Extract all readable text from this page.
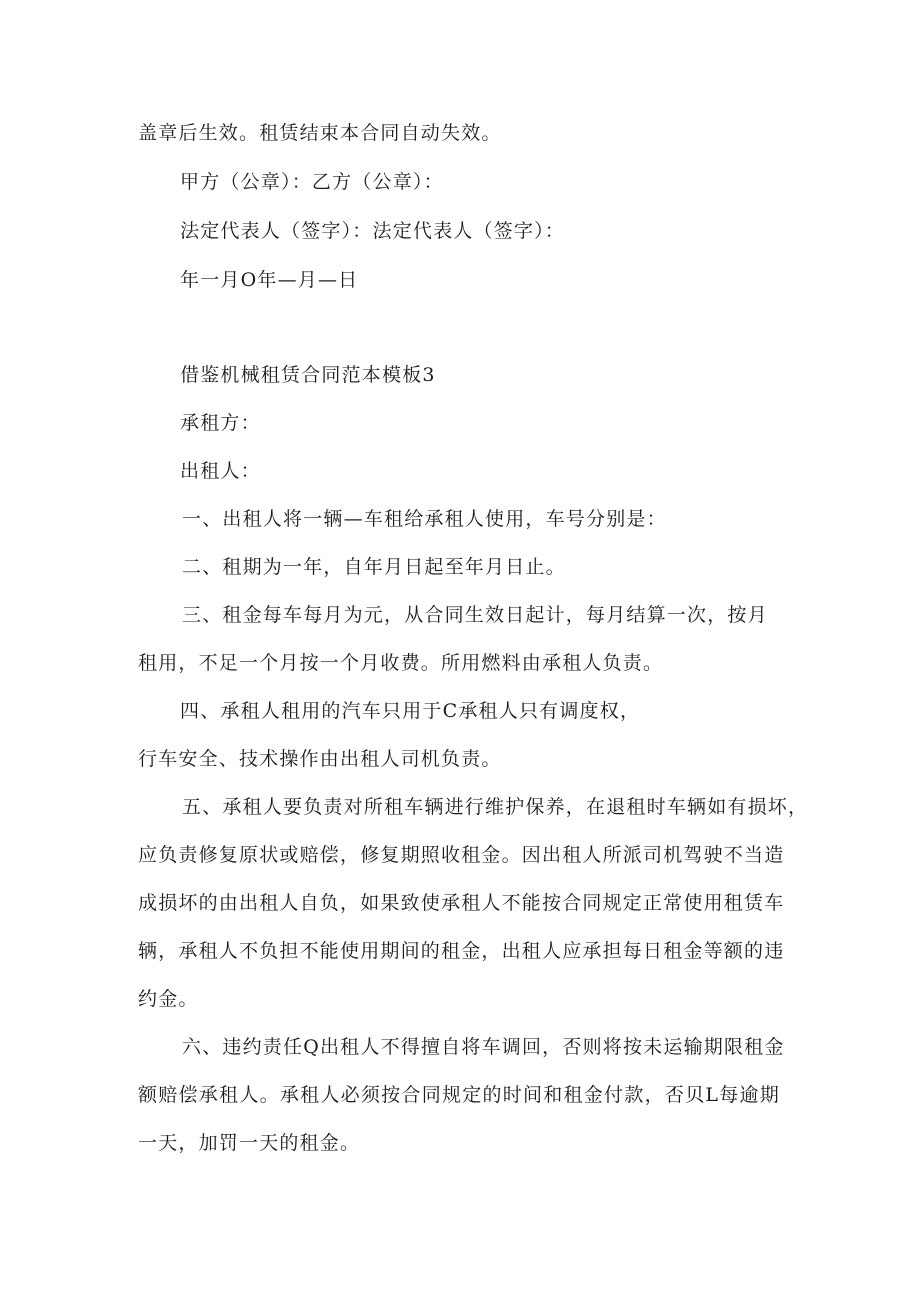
盖章后生效。租赁结束本合同自动失效。
甲方（公章）：乙方（公章）：
法定代表人（签字）：法定代表人（签字）：
年一月O年—月—日
借鉴机械租赁合同范本模板3
承租方：
出租人：
一、出租人将一辆—车租给承租人使用，车号分别是：
二、租期为一年，自年月日起至年月日止。
三、租金每车每月为元，从合同生效日起计，每月结算一次，按月
租用，不足一个月按一个月收费。所用燃料由承租人负责。
四、承租人租用的汽车只用于C承租人只有调度权，
行车安全、技术操作由出租人司机负责。
五、承租人要负责对所租车辆进行维护保养，在退租时车辆如有损坏，
应负责修复原状或赔偿，修复期照收租金。因出租人所派司机驾驶不当造
成损坏的由出租人自负，如果致使承租人不能按合同规定正常使用租赁车
辆，承租人不负担不能使用期间的租金，出租人应承担每日租金等额的违
约金。
六、违约责任Q出租人不得擅自将车调回，否则将按未运输期限租金
额赔偿承租人。承租人必须按合同规定的时间和租金付款，否贝L每逾期
一天，加罚一天的租金。
